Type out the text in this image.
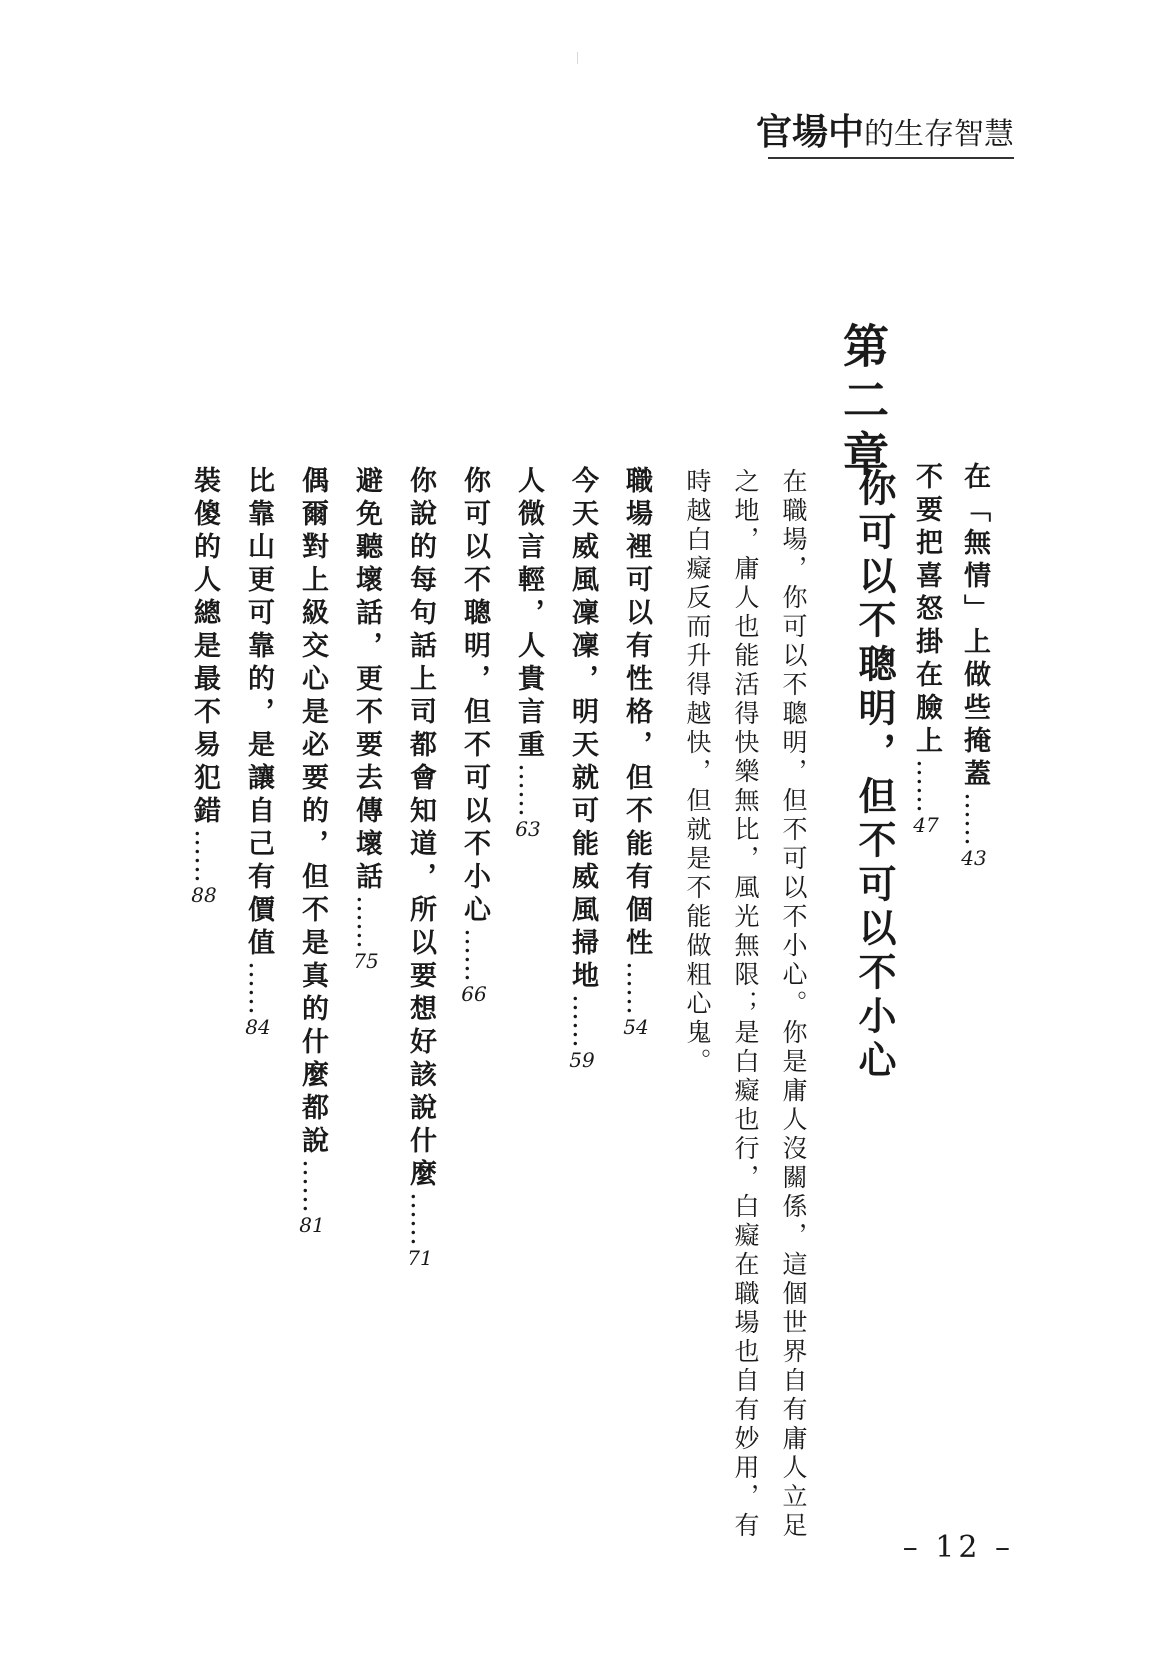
官場中的生存智慧
在「無情」上做些掩蓋……43
不要把喜怒掛在臉上……47
第二章
你可以不聰明，但不可以不小心
在職場，你可以不聰明，但不可以不小心。你是庸人沒關係，這個世界自有庸人立足
之地，庸人也能活得快樂無比，風光無限；是白癡也行，白癡在職場也自有妙用，有
時越白癡反而升得越快，但就是不能做粗心鬼。
職場裡可以有性格，但不能有個性……54
今天威風凜凜，明天就可能威風掃地……59
人微言輕，人貴言重……63
你可以不聰明，但不可以不小心……66
你說的每句話上司都會知道，所以要想好該說什麼……71
避免聽壞話，更不要去傳壞話……75
偶爾對上級交心是必要的，但不是真的什麼都說……81
比靠山更可靠的，是讓自己有價值……84
裝傻的人總是最不易犯錯……88
– 12 –
